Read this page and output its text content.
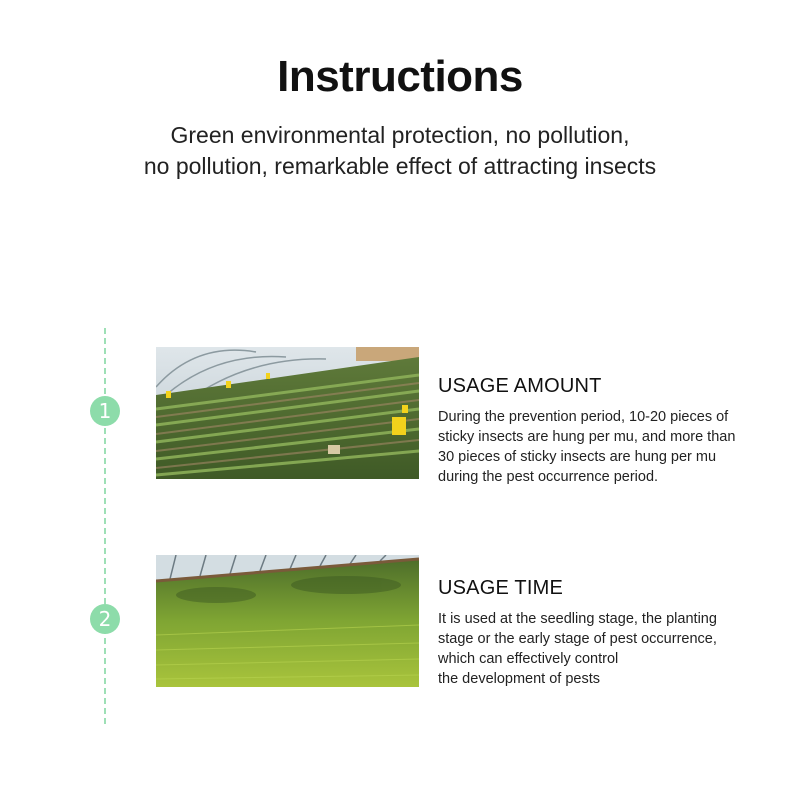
Instructions
Green environmental protection, no pollution,
no pollution, remarkable effect of attracting insects
1
USAGE AMOUNT
During the prevention period, 10-20 pieces of
sticky insects are hung per mu, and more than
30 pieces of sticky insects are hung per mu
during the pest occurrence period.
2
USAGE TIME
It is used at the seedling stage, the planting
stage or the early stage of pest occurrence,
which can effectively control
the development of pests
